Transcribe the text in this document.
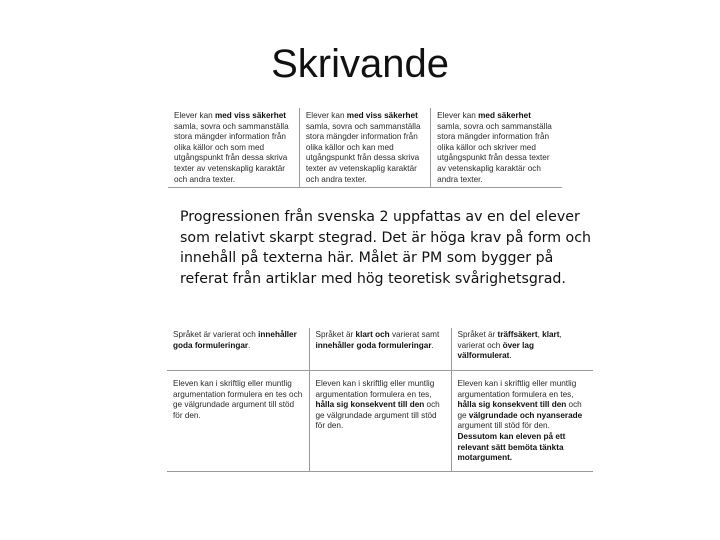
Skrivande
Elever kan med viss säkerhet samla, sovra och sammanställa stora mängder information från olika källor och som med utgångspunkt från dessa skriva texter av vetenskaplig karaktär och andra texter.	Elever kan med viss säkerhet samla, sovra och sammanställa stora mängder information från olika källor och kan med utgångspunkt från dessa skriva texter av vetenskaplig karaktär och andra texter.	Elever kan med säkerhet samla, sovra och sammanställa stora mängder information från olika källor och skriver med utgångspunkt från dessa texter av vetenskaplig karaktär och andra texter.

Progressionen från svenska 2 uppfattas av en del elever som relativt skarpt stegrad. Det är höga krav på form och innehåll på texterna här. Målet är PM som bygger på referat från artiklar med hög teoretisk svårighetsgrad.

Språket är varierat och innehåller goda formuleringar.	Språket är klart och varierat samt innehåller goda formuleringar.	Språket är träffsäkert, klart, varierat och över lag välformulerat.
Eleven kan i skriftlig eller muntlig argumentation formulera en tes och ge välgrundade argument till stöd för den.	Eleven kan i skriftlig eller muntlig argumentation formulera en tes, hålla sig konsekvent till den och ge välgrundade argument till stöd för den.	Eleven kan i skriftlig eller muntlig argumentation formulera en tes, hålla sig konsekvent till den och ge välgrundade och nyanserade argument till stöd för den. Dessutom kan eleven på ett relevant sätt bemöta tänkta motargument.
